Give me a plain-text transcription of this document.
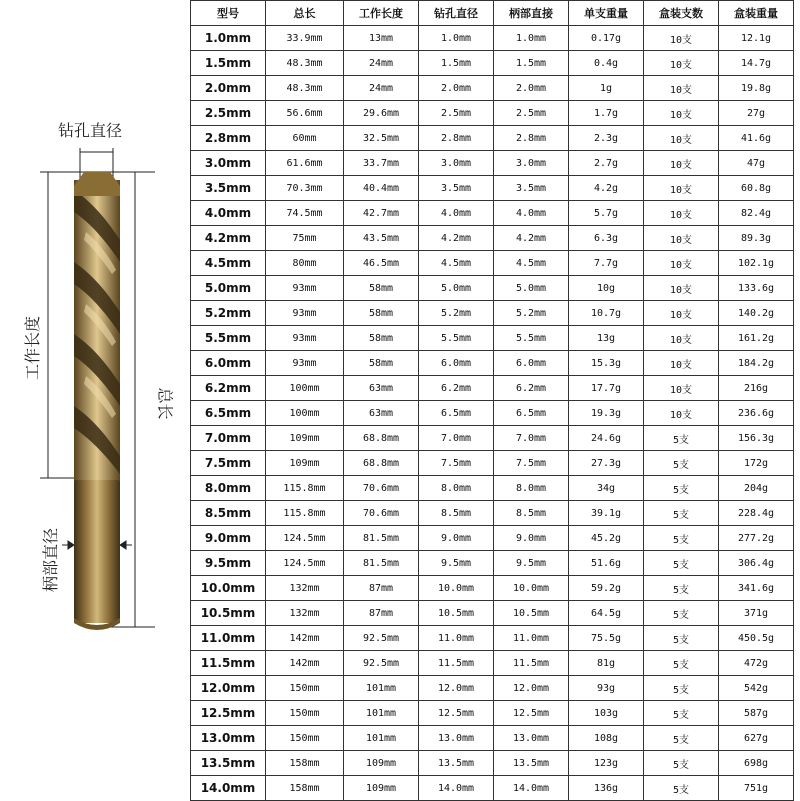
钻孔直径
工作长度
总长
柄部直径
型号	总长	工作长度	钻孔直径	柄部直接	单支重量	盒装支数	盒装重量
1.0mm	33.9mm	13mm	1.0mm	1.0mm	0.17g	10支	12.1g
1.5mm	48.3mm	24mm	1.5mm	1.5mm	0.4g	10支	14.7g
2.0mm	48.3mm	24mm	2.0mm	2.0mm	1g	10支	19.8g
2.5mm	56.6mm	29.6mm	2.5mm	2.5mm	1.7g	10支	27g
2.8mm	60mm	32.5mm	2.8mm	2.8mm	2.3g	10支	41.6g
3.0mm	61.6mm	33.7mm	3.0mm	3.0mm	2.7g	10支	47g
3.5mm	70.3mm	40.4mm	3.5mm	3.5mm	4.2g	10支	60.8g
4.0mm	74.5mm	42.7mm	4.0mm	4.0mm	5.7g	10支	82.4g
4.2mm	75mm	43.5mm	4.2mm	4.2mm	6.3g	10支	89.3g
4.5mm	80mm	46.5mm	4.5mm	4.5mm	7.7g	10支	102.1g
5.0mm	93mm	58mm	5.0mm	5.0mm	10g	10支	133.6g
5.2mm	93mm	58mm	5.2mm	5.2mm	10.7g	10支	140.2g
5.5mm	93mm	58mm	5.5mm	5.5mm	13g	10支	161.2g
6.0mm	93mm	58mm	6.0mm	6.0mm	15.3g	10支	184.2g
6.2mm	100mm	63mm	6.2mm	6.2mm	17.7g	10支	216g
6.5mm	100mm	63mm	6.5mm	6.5mm	19.3g	10支	236.6g
7.0mm	109mm	68.8mm	7.0mm	7.0mm	24.6g	5支	156.3g
7.5mm	109mm	68.8mm	7.5mm	7.5mm	27.3g	5支	172g
8.0mm	115.8mm	70.6mm	8.0mm	8.0mm	34g	5支	204g
8.5mm	115.8mm	70.6mm	8.5mm	8.5mm	39.1g	5支	228.4g
9.0mm	124.5mm	81.5mm	9.0mm	9.0mm	45.2g	5支	277.2g
9.5mm	124.5mm	81.5mm	9.5mm	9.5mm	51.6g	5支	306.4g
10.0mm	132mm	87mm	10.0mm	10.0mm	59.2g	5支	341.6g
10.5mm	132mm	87mm	10.5mm	10.5mm	64.5g	5支	371g
11.0mm	142mm	92.5mm	11.0mm	11.0mm	75.5g	5支	450.5g
11.5mm	142mm	92.5mm	11.5mm	11.5mm	81g	5支	472g
12.0mm	150mm	101mm	12.0mm	12.0mm	93g	5支	542g
12.5mm	150mm	101mm	12.5mm	12.5mm	103g	5支	587g
13.0mm	150mm	101mm	13.0mm	13.0mm	108g	5支	627g
13.5mm	158mm	109mm	13.5mm	13.5mm	123g	5支	698g
14.0mm	158mm	109mm	14.0mm	14.0mm	136g	5支	751g
